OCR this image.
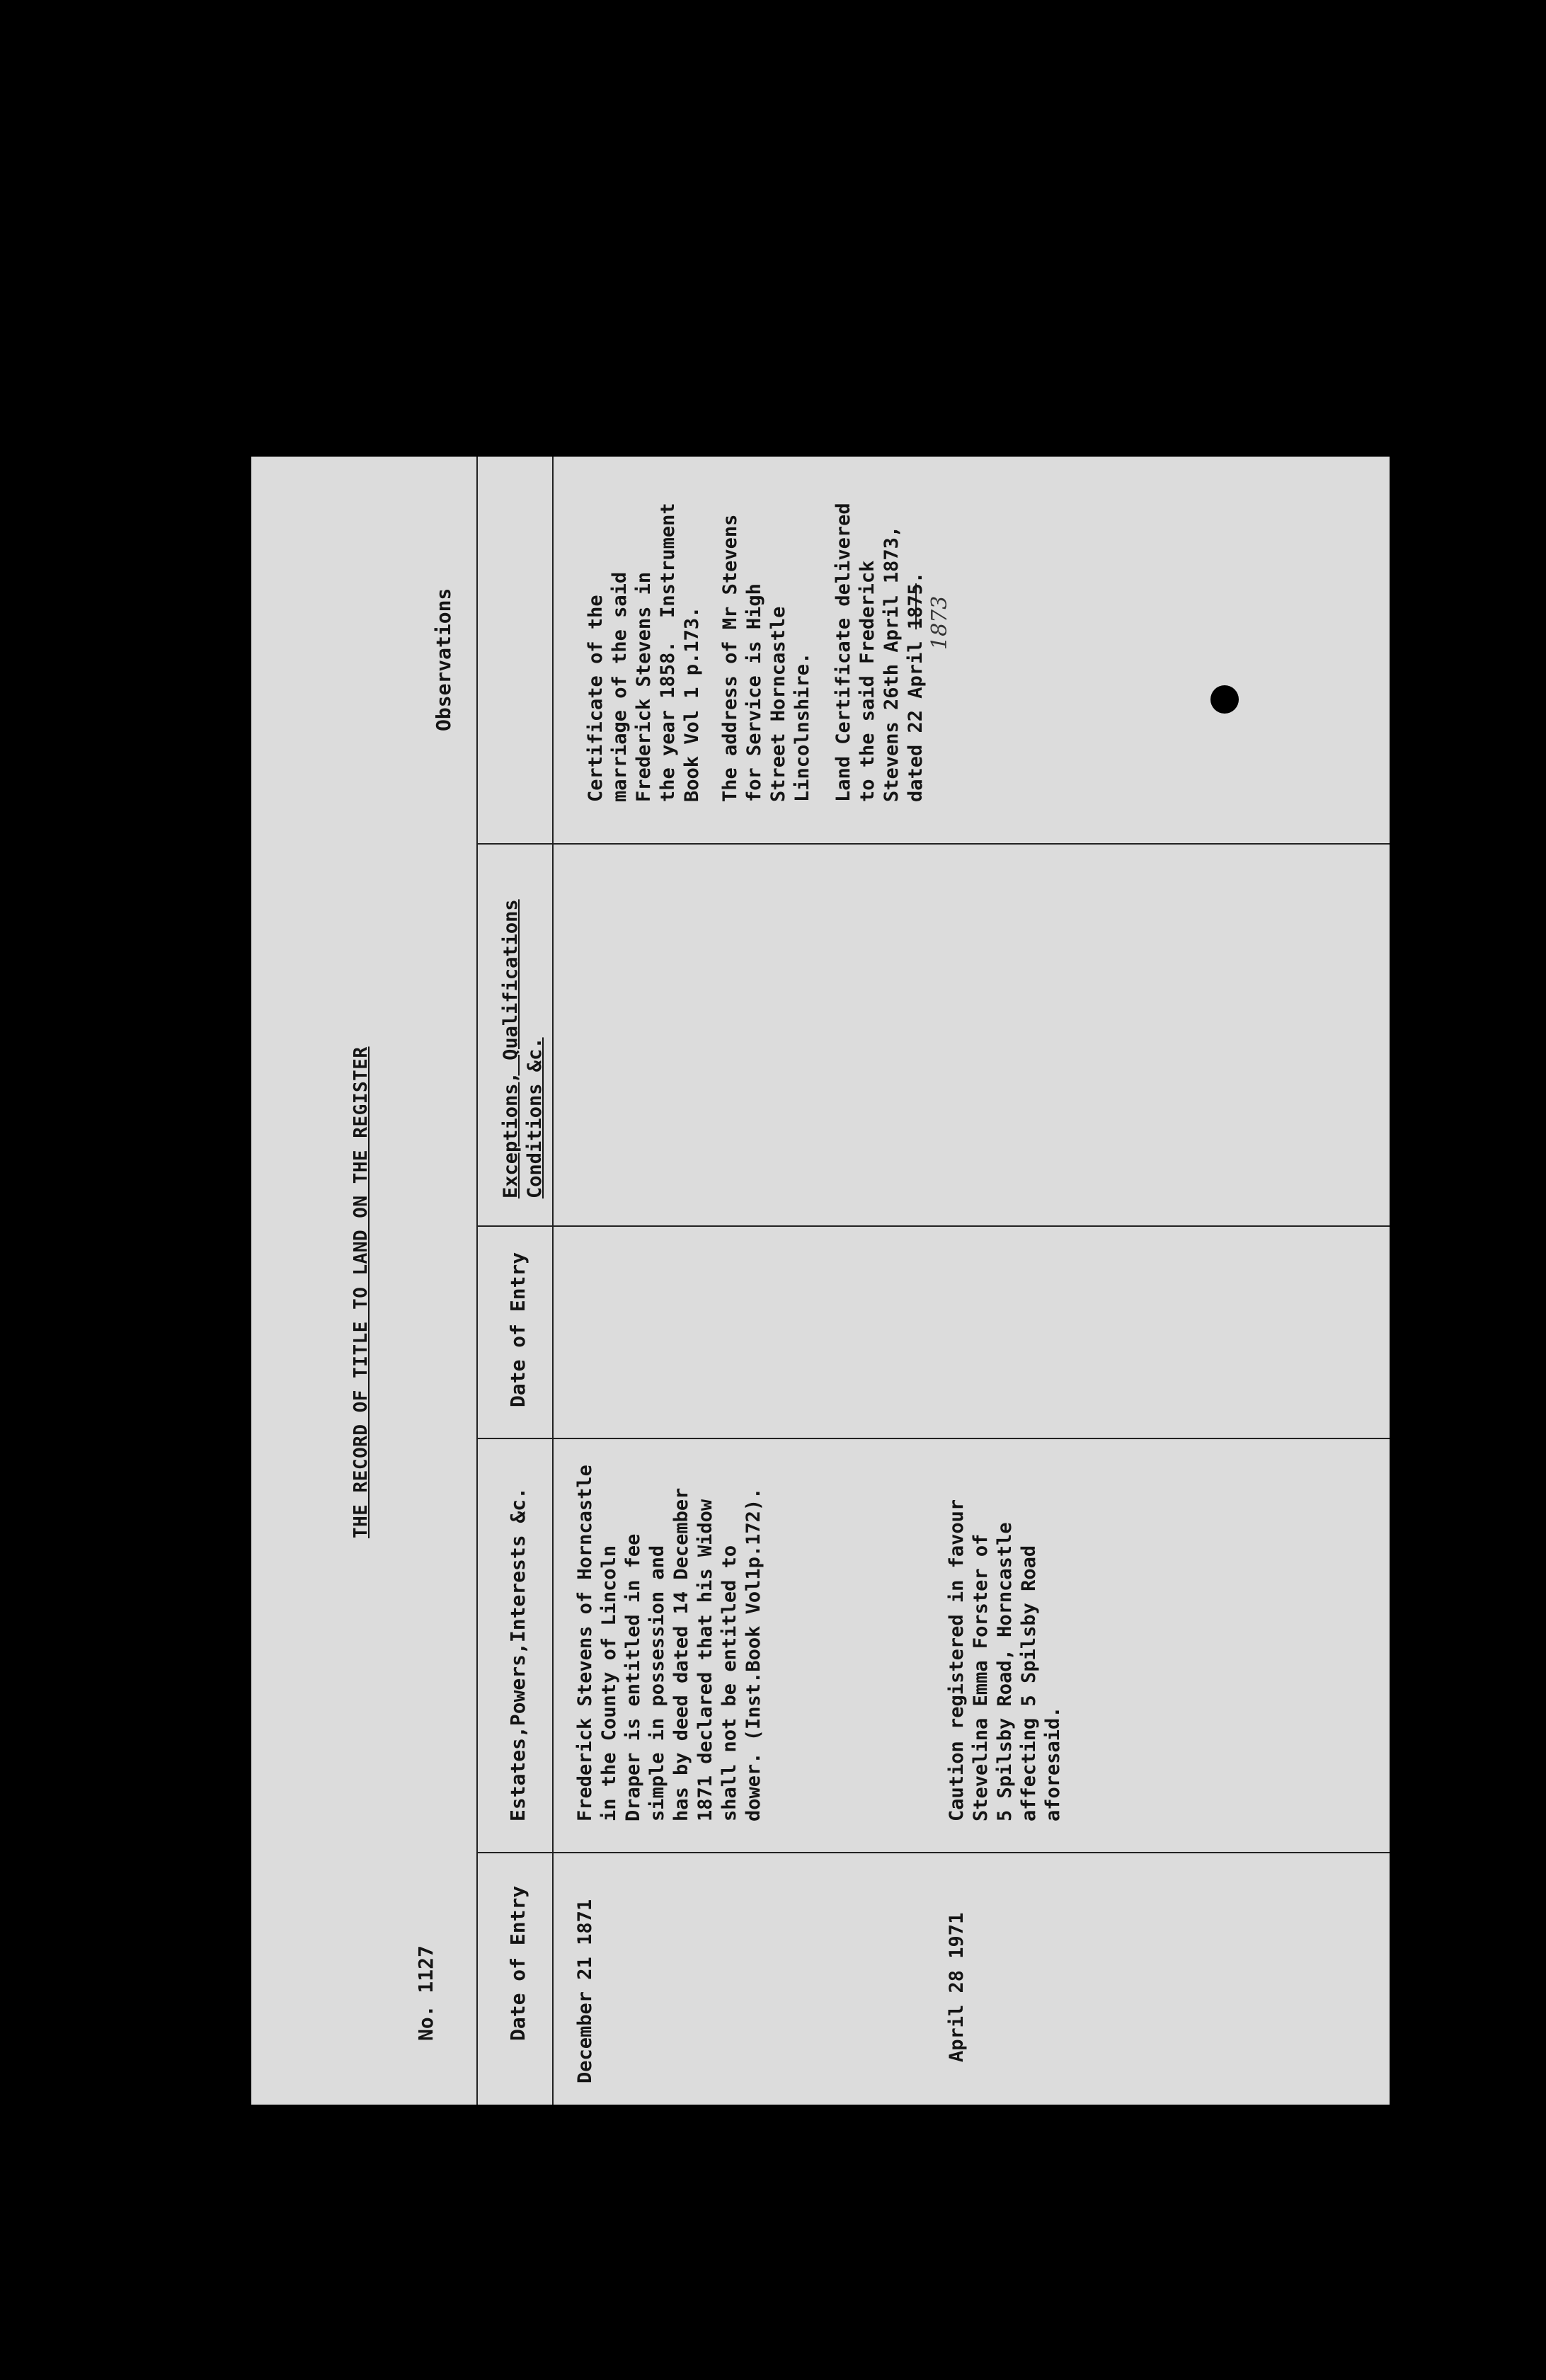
No. 1127
THE RECORD OF TITLE TO LAND ON THE REGISTER
Date of Entry
Estates,Powers,Interests &c.
Date of Entry
Exceptions, Qualifications
Conditions &c.
Observations
December 21 1871
Frederick Stevens of Horncastle
in the County of Lincoln
Draper is entitled in fee
simple in possession and
has by deed dated 14 December
1871 declared that his Widow
shall not be entitled to
dower. (Inst.Book Vol1p.172).
April 28 1971
Caution registered in favour
Stevelina Emma Forster of
5 Spilsby Road, Horncastle
affecting 5 Spilsby Road
aforesaid.
Certificate of the
marriage of the said
Frederick Stevens in
the year 1858.  Instrument
Book Vol 1 p.173.
The address of Mr Stevens
for Service is High
Street Horncastle
Lincolnshire. Land Certificate delivered
to the said Frederick
Stevens 26th April 1873,
dated 22 April 1875.
1873
